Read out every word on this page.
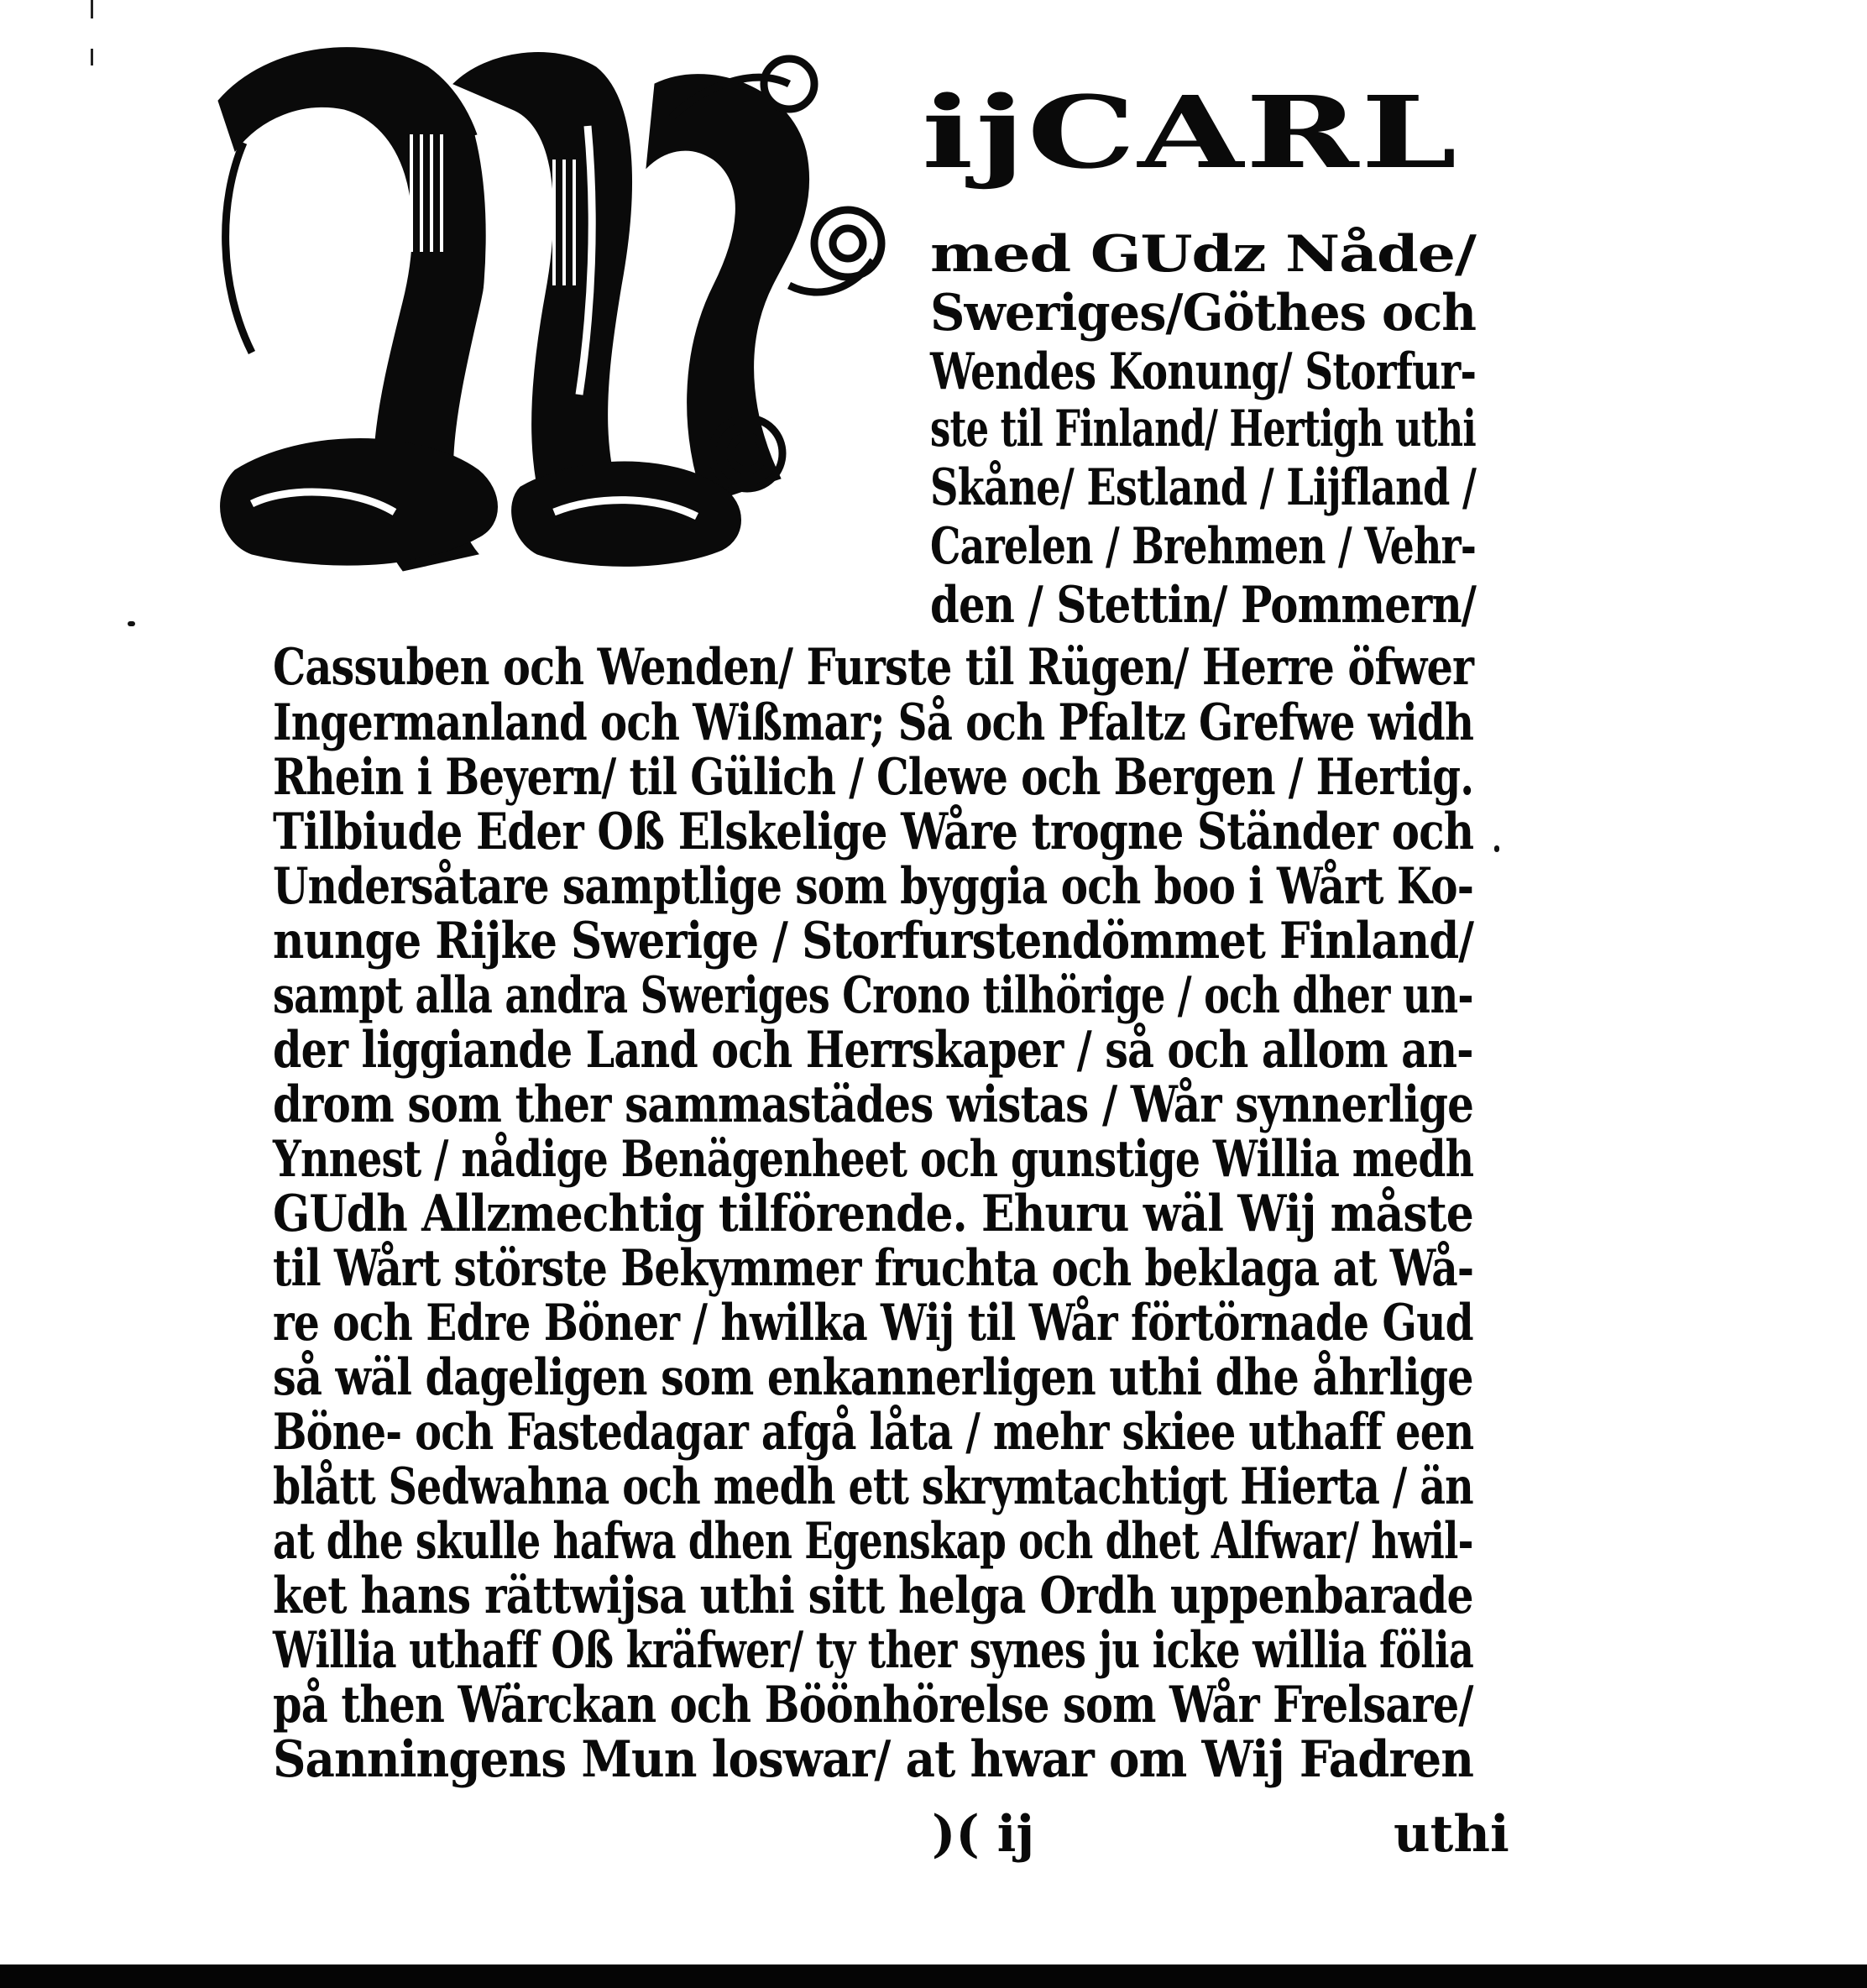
ijCARL
med GUdz Nåde/
Sweriges/Göthes och
Wendes Konung/ Storfur-
ste til Finland/ Hertigh uthi
Skåne/ Estland / Lijfland /
Carelen / Brehmen / Vehr-
den / Stettin/ Pommern/
Cassuben och Wenden/ Furste til Rügen/ Herre öfwer
Ingermanland och Wißmar; Så och Pfaltz Grefwe widh
Rhein i Beyern/ til Gülich / Clewe och Bergen / Hertig.
Tilbiude Eder Oß Elskelige Wåre trogne Ständer och
Undersåtare samptlige som byggia och boo i Wårt Ko-
nunge Rijke Swerige / Storfurstendömmet Finland/
sampt alla andra Sweriges Crono tilhörige / och dher un-
der liggiande Land och Herrskaper / så och allom an-
drom som ther sammastädes wistas / Wår synnerlige
Ynnest / nådige Benägenheet och gunstige Willia medh
GUdh Allzmechtig tilförende. Ehuru wäl Wij måste
til Wårt störste Bekymmer fruchta och beklaga at Wå-
re och Edre Böner / hwilka Wij til Wår förtörnade Gud
så wäl dageligen som enkannerligen uthi dhe åhrlige
Böne- och Fastedagar afgå låta / mehr skiee uthaff een
blått Sedwahna och medh ett skrymtachtigt Hierta / än
at dhe skulle hafwa dhen Egenskap och dhet Alfwar/ hwil-
ket hans rättwijsa uthi sitt helga Ordh uppenbarade
Willia uthaff Oß kräfwer/ ty ther synes ju icke willia fölia
på then Wärckan och Böönhörelse som Wår Frelsare/
Sanningens Mun loswar/ at hwar om Wij Fadren
)( ij	uthi
